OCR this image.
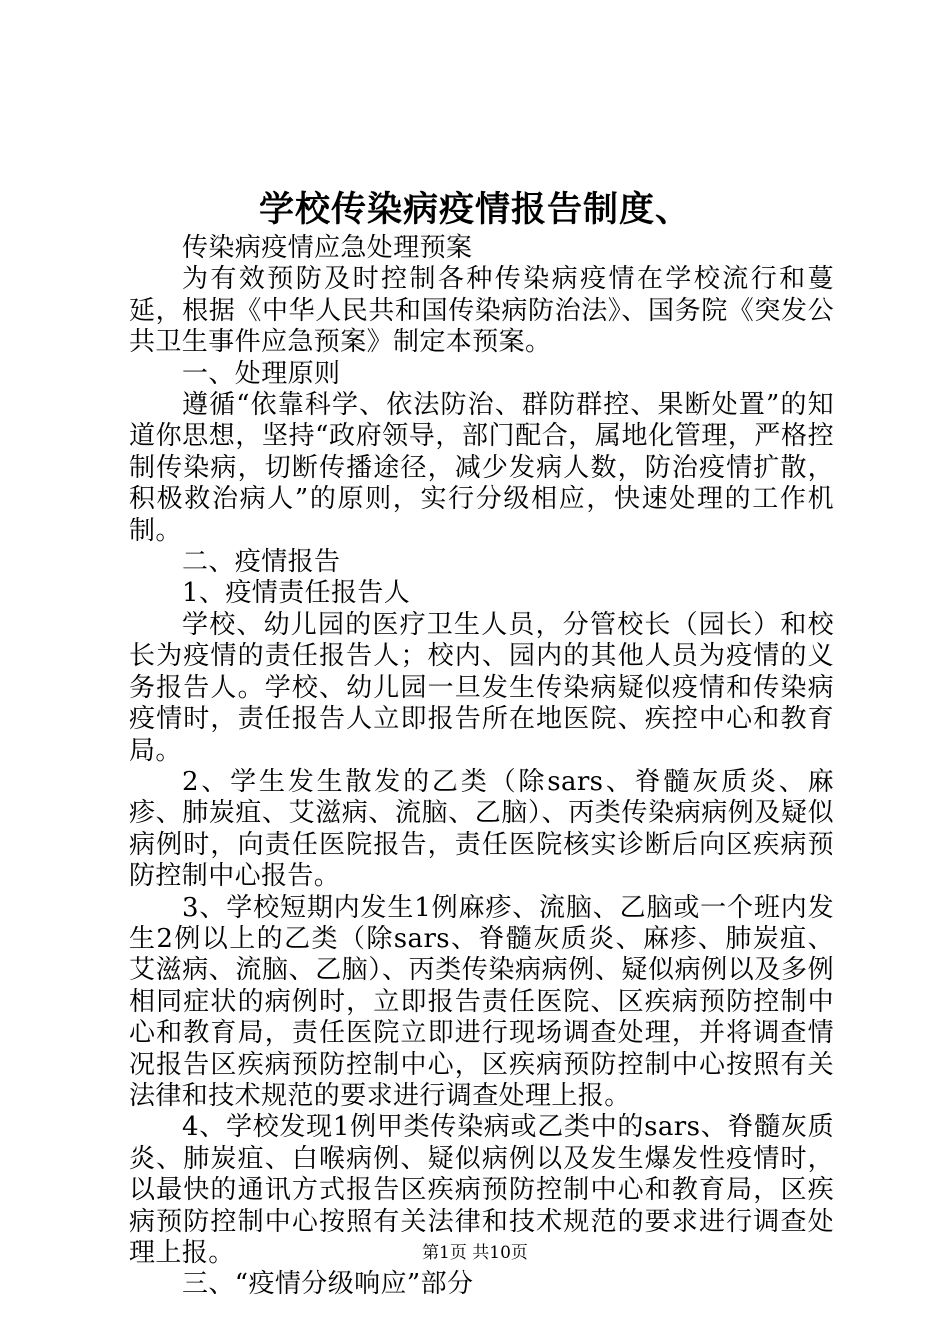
学校传染病疫情报告制度、

传染病疫情应急处理预案

为有效预防及时控制各种传染病疫情在学校流行和蔓延，根据《中华人民共和国传染病防治法》、国务院《突发公共卫生事件应急预案》制定本预案。

一、处理原则

遵循“依靠科学、依法防治、群防群控、果断处置”的知道你思想，坚持“政府领导，部门配合，属地化管理，严格控制传染病，切断传播途径，减少发病人数，防治疫情扩散，积极救治病人”的原则，实行分级相应，快速处理的工作机制。

二、疫情报告

1、疫情责任报告人

学校、幼儿园的医疗卫生人员，分管校长（园长）和校长为疫情的责任报告人；校内、园内的其他人员为疫情的义务报告人。学校、幼儿园一旦发生传染病疑似疫情和传染病疫情时，责任报告人立即报告所在地医院、疾控中心和教育局。

2、学生发生散发的乙类（除sars、脊髓灰质炎、麻疹、肺炭疽、艾滋病、流脑、乙脑）、丙类传染病病例及疑似病例时，向责任医院报告，责任医院核实诊断后向区疾病预防控制中心报告。

3、学校短期内发生1例麻疹、流脑、乙脑或一个班内发生2例以上的乙类（除sars、脊髓灰质炎、麻疹、肺炭疽、艾滋病、流脑、乙脑）、丙类传染病病例、疑似病例以及多例相同症状的病例时，立即报告责任医院、区疾病预防控制中心和教育局，责任医院立即进行现场调查处理，并将调查情况报告区疾病预防控制中心，区疾病预防控制中心按照有关法律和技术规范的要求进行调查处理上报。

4、学校发现1例甲类传染病或乙类中的sars、脊髓灰质炎、肺炭疽、白喉病例、疑似病例以及发生爆发性疫情时，以最快的通讯方式报告区疾病预防控制中心和教育局，区疾病预防控制中心按照有关法律和技术规范的要求进行调查处理上报。

三、“疫情分级响应”部分

第1页 共10页
